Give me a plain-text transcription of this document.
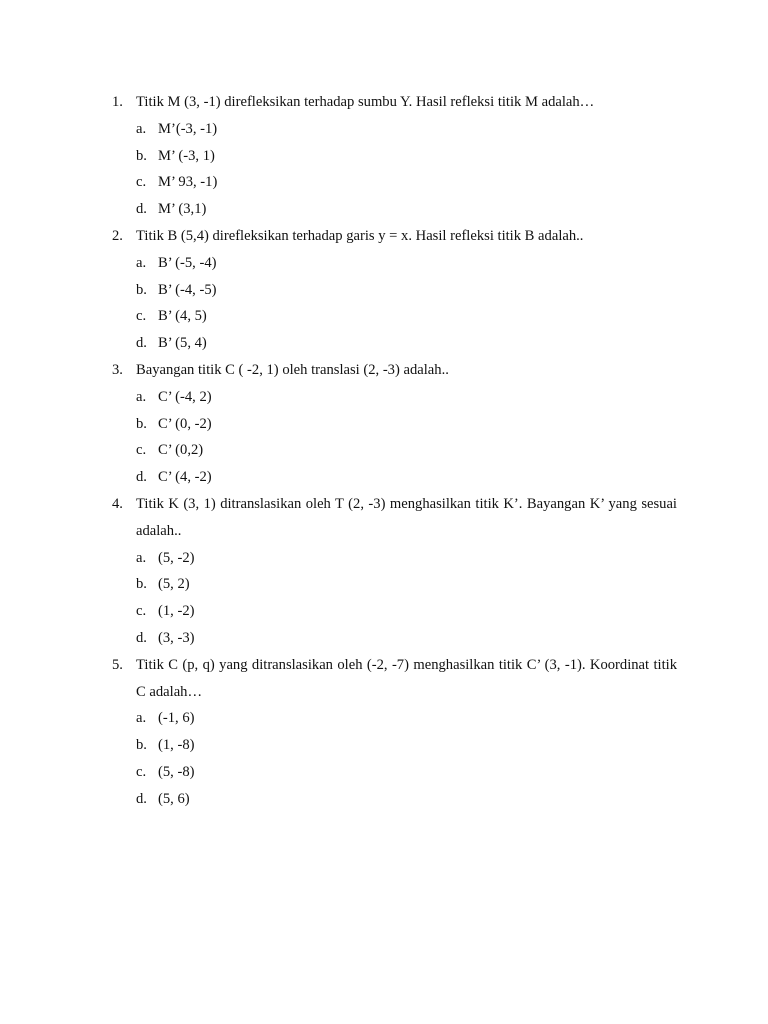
1. Titik M (3, -1) direfleksikan terhadap sumbu Y. Hasil refleksi titik M adalah…
a. M’(-3, -1)
b. M’ (-3, 1)
c. M’ 93, -1)
d. M’ (3,1)
2. Titik B (5,4) direfleksikan terhadap garis y = x. Hasil refleksi titik B adalah..
a. B’ (-5, -4)
b. B’ (-4, -5)
c. B’ (4, 5)
d. B’ (5, 4)
3. Bayangan titik C ( -2, 1) oleh translasi (2, -3) adalah..
a. C’ (-4, 2)
b. C’ (0, -2)
c. C’ (0,2)
d. C’ (4, -2)
4. Titik K (3, 1) ditranslasikan oleh T (2, -3) menghasilkan titik K’. Bayangan K’ yang sesuai adalah..
a. (5, -2)
b. (5, 2)
c. (1, -2)
d. (3, -3)
5. Titik C (p, q) yang ditranslasikan oleh (-2, -7) menghasilkan titik C’ (3, -1). Koordinat titik C adalah…
a. (-1, 6)
b. (1, -8)
c. (5, -8)
d. (5, 6)
